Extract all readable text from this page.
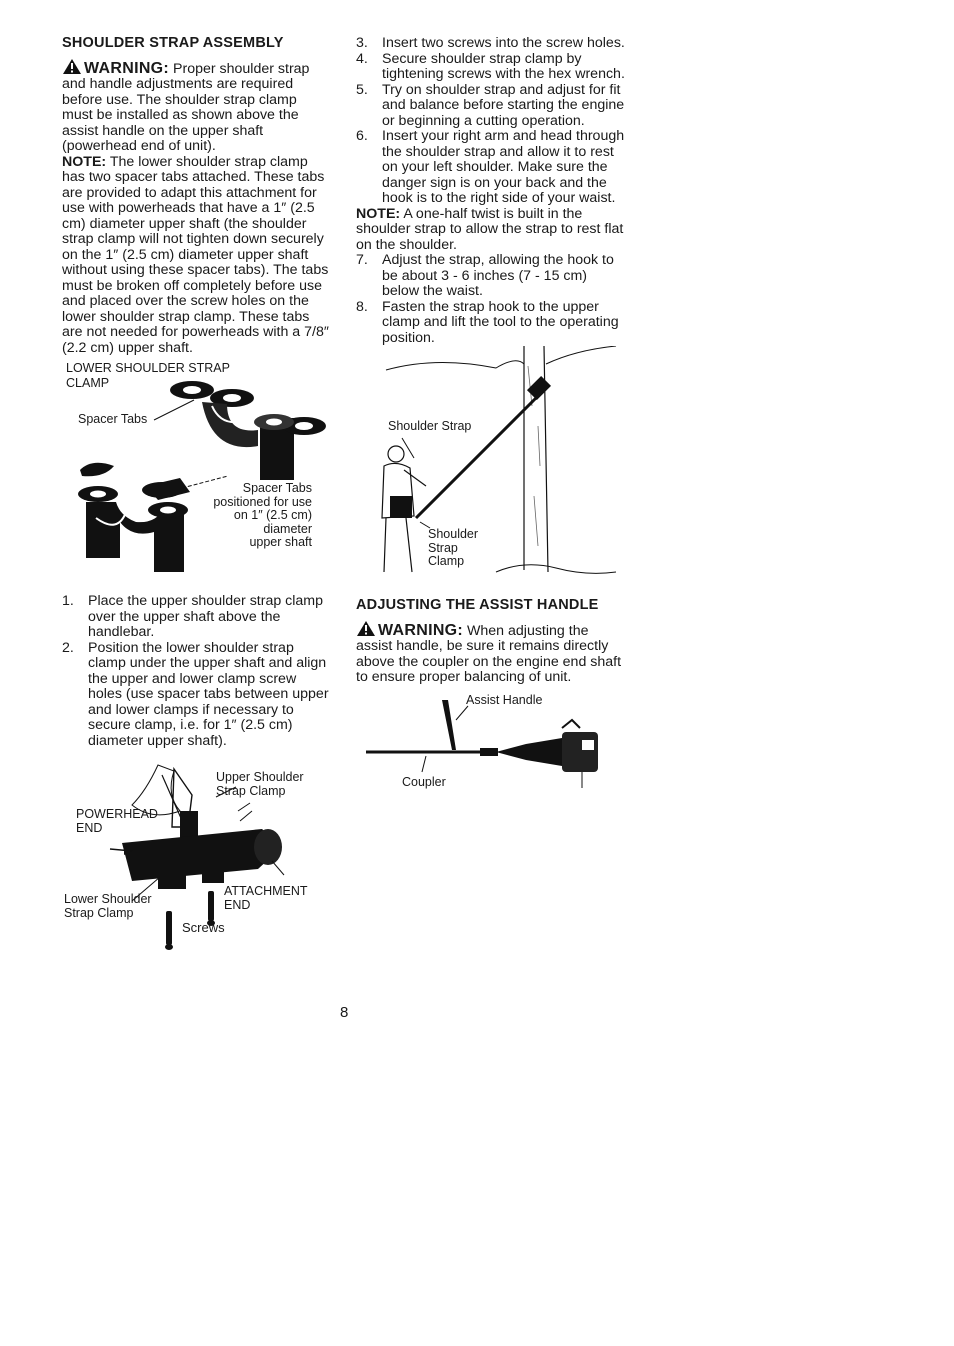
SHOULDER STRAP ASSEMBLY

WARNING: Proper shoulder strap and handle adjustments are required before use. The shoulder strap clamp must be installed as shown above the assist handle on the upper shaft (powerhead end of unit).

NOTE: The lower shoulder strap clamp has two spacer tabs attached. These tabs are provided to adapt this attachment for use with powerheads that have a 1″ (2.5 cm) diameter upper shaft (the shoulder strap clamp will not tighten down securely on the 1″ (2.5 cm) diameter upper shaft without using these spacer tabs). The tabs must be broken off completely before use and placed over the screw holes on the lower shoulder strap clamp. These tabs are not needed for powerheads with a 7/8″ (2.2 cm) upper shaft.

LOWER SHOULDER STRAP
CLAMP
Spacer Tabs
Spacer Tabs
positioned for use
on 1″ (2.5 cm)
diameter
upper shaft
1. Place the upper shoulder strap clamp over the upper shaft above the handlebar.
2. Position the lower shoulder strap clamp under the upper shaft and align the upper and lower clamp screw holes (use spacer tabs between upper and lower clamps if necessary to secure clamp, i.e. for 1″ (2.5 cm) diameter upper shaft).
Upper Shoulder
Strap Clamp
POWERHEAD
END
Lower Shoulder
Strap Clamp
ATTACHMENT
END
Screws
3. Insert two screws into the screw holes.
4. Secure shoulder strap clamp by tightening screws with the hex wrench.
5. Try on shoulder strap and adjust for fit and balance before starting the engine or beginning a cutting operation.
6. Insert your right arm and head through the shoulder strap and allow it to rest on your left shoulder. Make sure the danger sign is on your back and the hook is to the right side of your waist.

NOTE: A one-half twist is built in the shoulder strap to allow the strap to rest flat on the shoulder.

7. Adjust the strap, allowing the hook to be about 3 - 6 inches (7 - 15 cm) below the waist.
8. Fasten the strap hook to the upper clamp and lift the tool to the operating position.
Shoulder Strap
Shoulder
Strap
Clamp
ADJUSTING THE ASSIST HANDLE

WARNING: When adjusting the assist handle, be sure it remains directly above the coupler on the engine end shaft to ensure proper balancing of unit.

Assist Handle
Coupler
8
